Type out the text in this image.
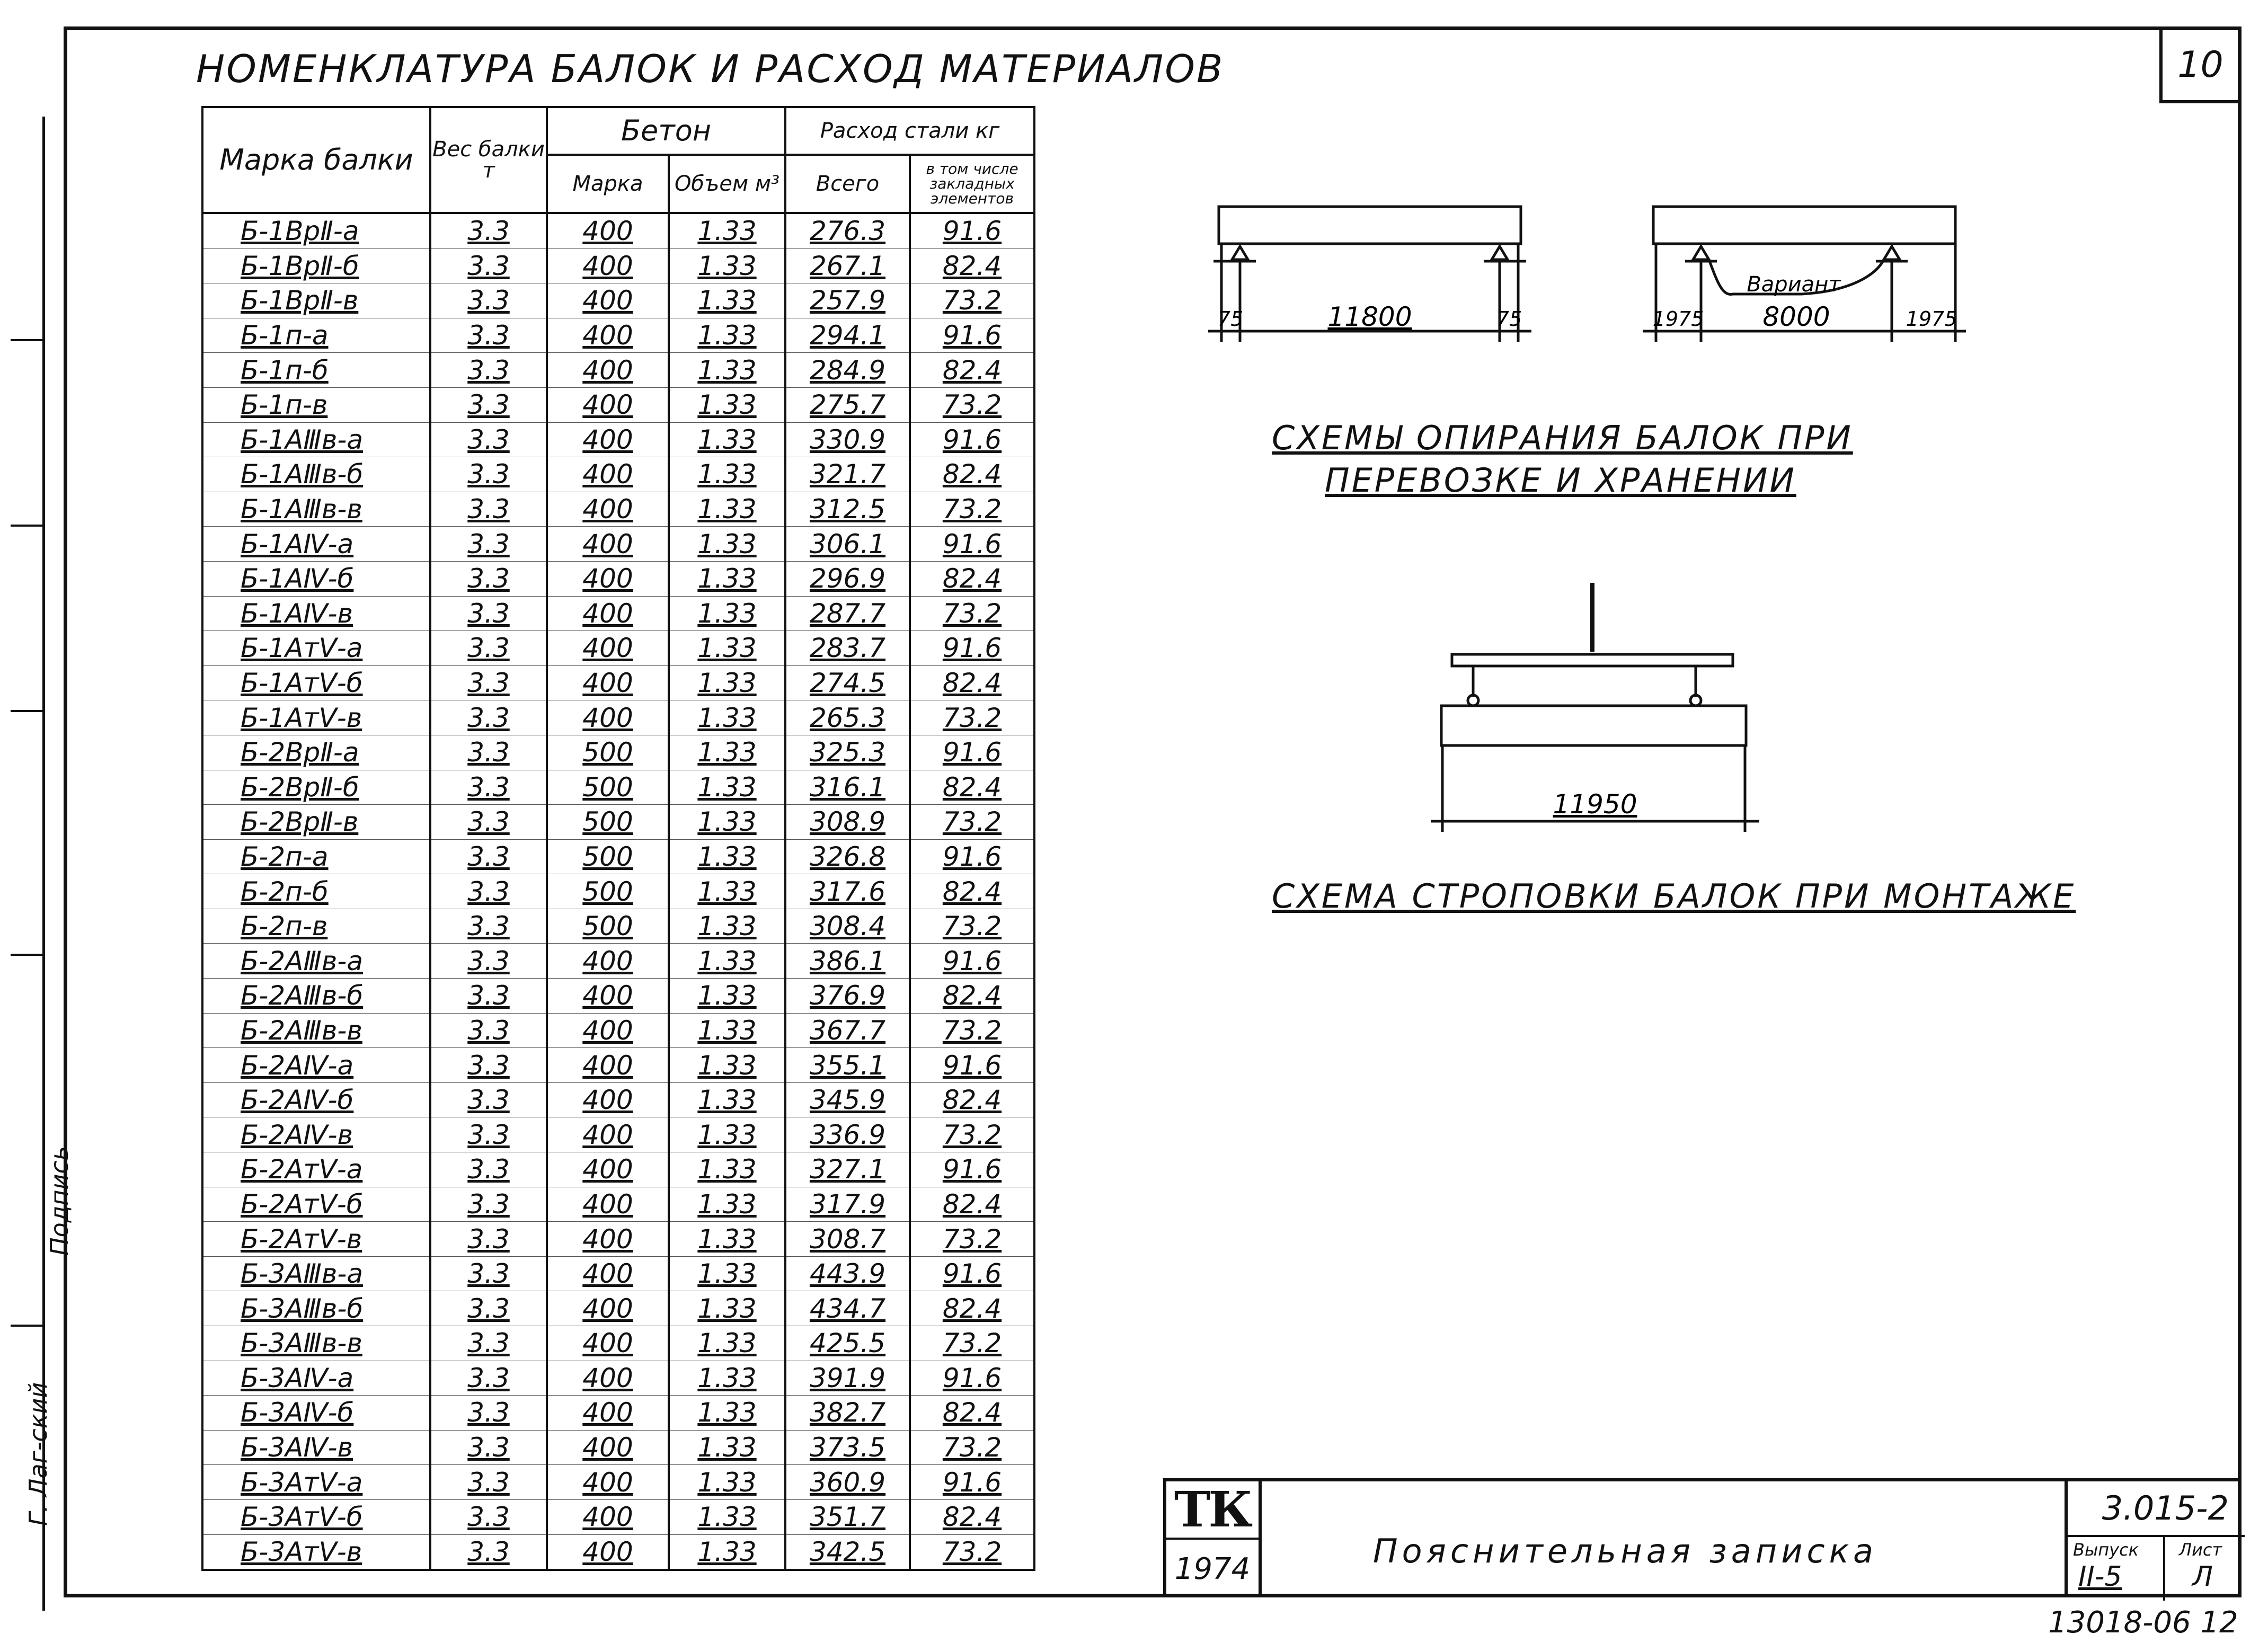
Г. Лаг-ский
Подпись
10
НОМЕНКЛАТУРА БАЛОК И РАСХОД МАТЕРИАЛОВ
Марка балки	Вес балки т	Бетон		Расход стали кг	
		Марка	Объем м³	Всего	в том числе закладных элементов
Б-1ВрⅡ-а	3.3	400	1.33	276.3	91.6
Б-1ВрⅡ-б	3.3	400	1.33	267.1	82.4
Б-1ВрⅡ-в	3.3	400	1.33	257.9	73.2
Б-1п-а	3.3	400	1.33	294.1	91.6
Б-1п-б	3.3	400	1.33	284.9	82.4
Б-1п-в	3.3	400	1.33	275.7	73.2
Б-1АⅢв-а	3.3	400	1.33	330.9	91.6
Б-1АⅢв-б	3.3	400	1.33	321.7	82.4
Б-1АⅢв-в	3.3	400	1.33	312.5	73.2
Б-1АⅣ-а	3.3	400	1.33	306.1	91.6
Б-1АⅣ-б	3.3	400	1.33	296.9	82.4
Б-1АⅣ-в	3.3	400	1.33	287.7	73.2
Б-1АтⅤ-а	3.3	400	1.33	283.7	91.6
Б-1АтⅤ-б	3.3	400	1.33	274.5	82.4
Б-1АтⅤ-в	3.3	400	1.33	265.3	73.2
Б-2ВрⅡ-а	3.3	500	1.33	325.3	91.6
Б-2ВрⅡ-б	3.3	500	1.33	316.1	82.4
Б-2ВрⅡ-в	3.3	500	1.33	308.9	73.2
Б-2п-а	3.3	500	1.33	326.8	91.6
Б-2п-б	3.3	500	1.33	317.6	82.4
Б-2п-в	3.3	500	1.33	308.4	73.2
Б-2АⅢв-а	3.3	400	1.33	386.1	91.6
Б-2АⅢв-б	3.3	400	1.33	376.9	82.4
Б-2АⅢв-в	3.3	400	1.33	367.7	73.2
Б-2АⅣ-а	3.3	400	1.33	355.1	91.6
Б-2АⅣ-б	3.3	400	1.33	345.9	82.4
Б-2АⅣ-в	3.3	400	1.33	336.9	73.2
Б-2АтⅤ-а	3.3	400	1.33	327.1	91.6
Б-2АтⅤ-б	3.3	400	1.33	317.9	82.4
Б-2АтⅤ-в	3.3	400	1.33	308.7	73.2
Б-3АⅢв-а	3.3	400	1.33	443.9	91.6
Б-3АⅢв-б	3.3	400	1.33	434.7	82.4
Б-3АⅢв-в	3.3	400	1.33	425.5	73.2
Б-3АⅣ-а	3.3	400	1.33	391.9	91.6
Б-3АⅣ-б	3.3	400	1.33	382.7	82.4
Б-3АⅣ-в	3.3	400	1.33	373.5	73.2
Б-3АтⅤ-а	3.3	400	1.33	360.9	91.6
Б-3АтⅤ-б	3.3	400	1.33	351.7	82.4
Б-3АтⅤ-в	3.3	400	1.33	342.5	73.2
75	11800	75
Вариант
1975 8000	1975
СХЕМЫ ОПИРАНИЯ БАЛОК ПРИ
ПЕРЕВОЗКЕ И ХРАНЕНИИ
11950
СХЕМА СТРОПОВКИ БАЛОК ПРИ МОНТАЖЕ
ТК
1974	Пояснительная записка
3.015-2
Выпуск Лист
II-5	Л
13018-06 12
